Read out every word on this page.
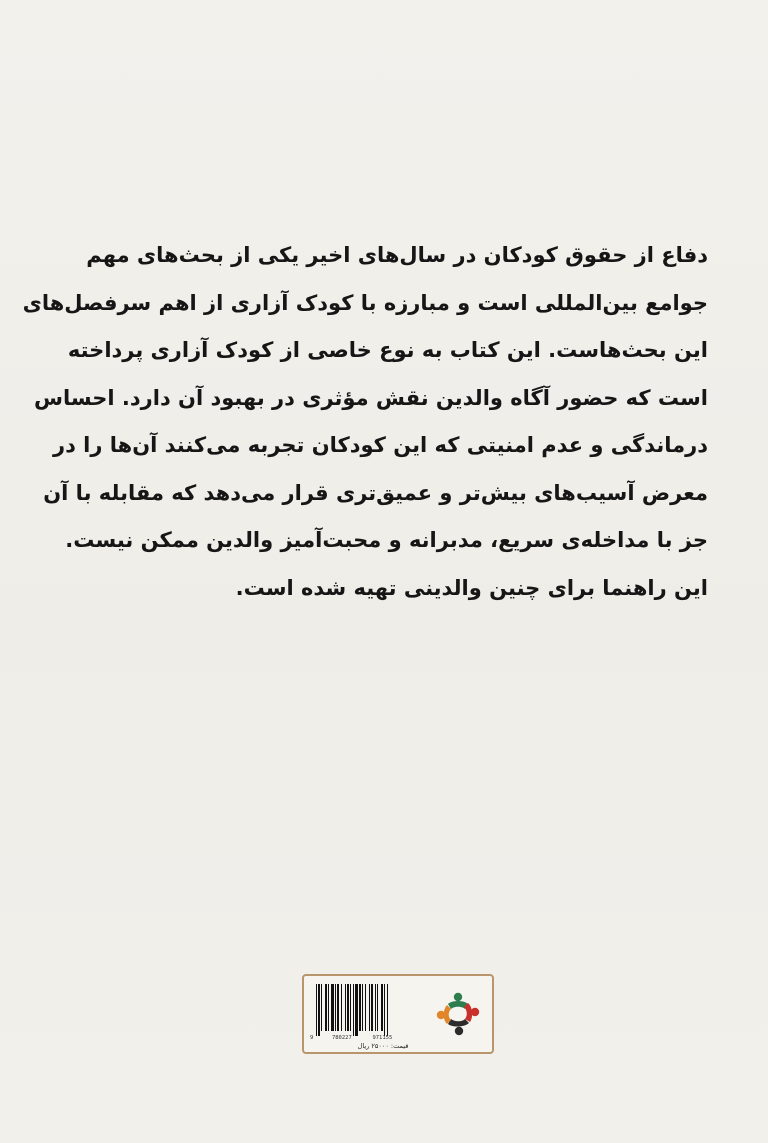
دفاع از حقوق کودکان در سال‌های اخیر یکی از بحث‌های مهم
جوامع بین‌المللی است و مبارزه با کودک آزاری از اهم سرفصل‌های
این بحث‌هاست. این کتاب به نوع خاصی از کودک آزاری پرداخته
است که حضور آگاه والدین نقش مؤثری در بهبود آن دارد. احساس
درماندگی و عدم امنیتی که این کودکان تجربه می‌کنند آن‌ها را در
معرض آسیب‌های بیش‌تر و عمیق‌تری قرار می‌دهد که مقابله با آن
جز با مداخله‌ی سریع، مدبرانه و محبت‌آمیز والدین ممکن نیست.
این راهنما برای چنین والدینی تهیه شده است.
9	780227	971155
قیمت: ۲۵۰۰۰ ریال
